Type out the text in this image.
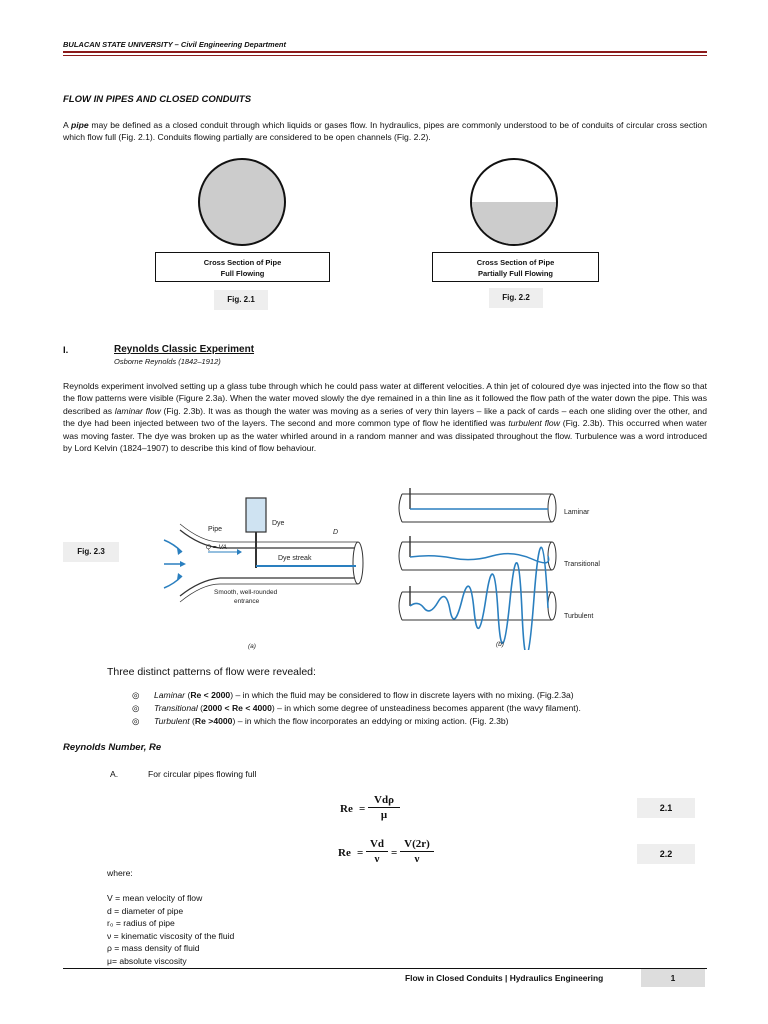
BULACAN STATE UNIVERSITY – Civil Engineering Department
FLOW IN PIPES AND CLOSED CONDUITS
A pipe may be defined as a closed conduit through which liquids or gases flow. In hydraulics, pipes are commonly understood to be of conduits of circular cross section which flow full (Fig. 2.1). Conduits flowing partially are considered to be open channels (Fig. 2.2).
Cross Section of Pipe
Full Flowing
Fig. 2.1
Cross Section of Pipe
Partially Full Flowing
Fig. 2.2
I.	Reynolds Classic Experiment
Osborne Reynolds (1842–1912)
Reynolds experiment involved setting up a glass tube through which he could pass water at different velocities. A thin jet of coloured dye was injected into the flow so that the flow patterns were visible (Figure 2.3a). When the water moved slowly the dye remained in a thin line as it followed the flow path of the water down the pipe. This was described as laminar flow (Fig. 2.3b). It was as though the water was moving as a series of very thin layers – like a pack of cards – each one sliding over the other, and the dye had been injected between two of the layers. The second and more common type of flow he identified was turbulent flow (Fig. 2.3b). This occurred when water was moving faster. The dye was broken up as the water whirled around in a random manner and was dissipated throughout the flow. Turbulence was a word introduced by Lord Kelvin (1824–1907) to describe this kind of flow behaviour.
Fig. 2.3
Dye
Pipe	D
Q = VA
Dye streak
Smooth, well-rounded
entrance
(a)
Laminar
Transitional
Turbulent
(b)
Three distinct patterns of flow were revealed:
◎ Laminar (Re < 2000) – in which the fluid may be considered to flow in discrete layers with no mixing. (Fig.2.3a)
◎ Transitional (2000 < Re < 4000) – in which some degree of unsteadiness becomes apparent (the wavy filament).
◎ Turbulent (Re >4000) – in which the flow incorporates an eddying or mixing action. (Fig. 2.3b)
Reynolds Number, Re
A.	For circular pipes flowing full
Re =
Vdρ
μ
2.1
Re =
Vd
ν	=
V(2r)
ν	2.2
where:
V = mean velocity of flow
d = diameter of pipe
r₀ = radius of pipe
ν = kinematic viscosity of the fluid
ρ = mass density of fluid
μ= absolute viscosity
Flow in Closed Conduits | Hydraulics Engineering	1
